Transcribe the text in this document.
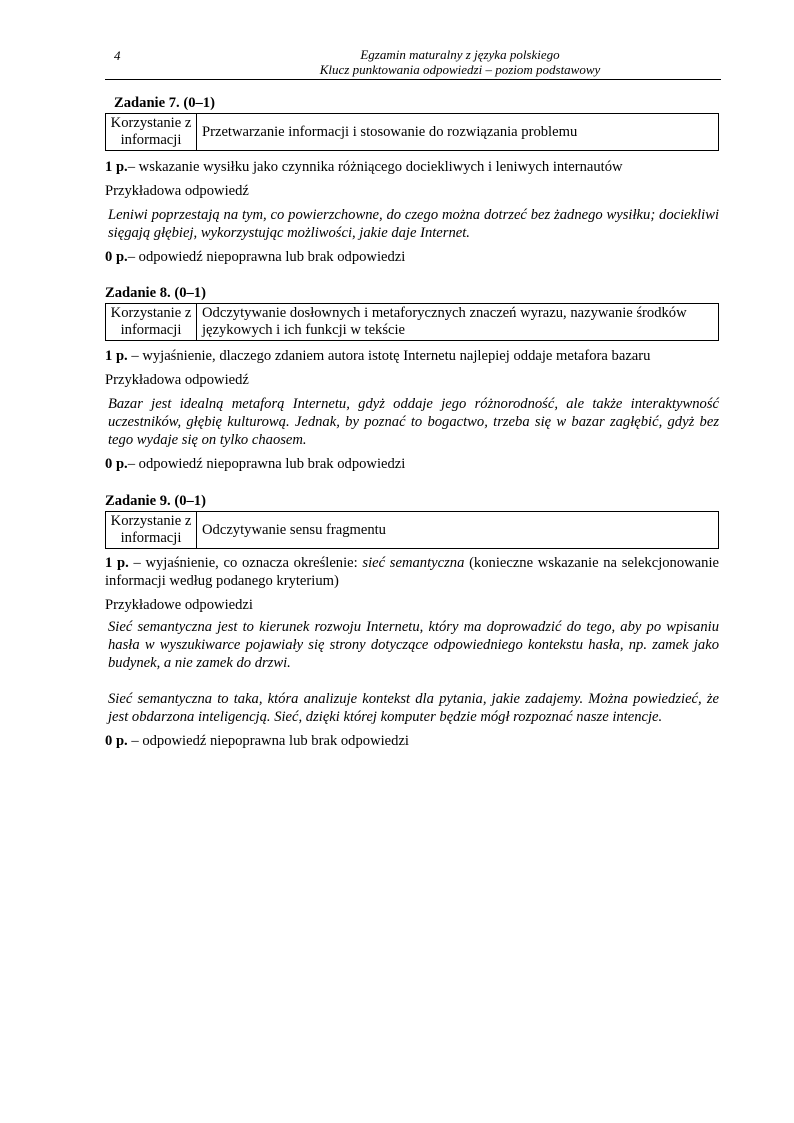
4	Egzamin maturalny z języka polskiego
Klucz punktowania odpowiedzi – poziom podstawowy

Zadanie 7. (0–1)

Korzystanie z informacji	Przetwarzanie informacji i stosowanie do rozwiązania problemu

1 p.– wskazanie wysiłku jako czynnika różniącego dociekliwych i leniwych internautów

Przykładowa odpowiedź

Leniwi poprzestają na tym, co powierzchowne, do czego można dotrzeć bez żadnego wysiłku; dociekliwi sięgają głębiej, wykorzystując możliwości, jakie daje Internet.

0 p.– odpowiedź niepoprawna lub brak odpowiedzi

Zadanie 8. (0–1)

Korzystanie z informacji	Odczytywanie dosłownych i metaforycznych znaczeń wyrazu, nazywanie środków językowych i ich funkcji w tekście

1 p. – wyjaśnienie, dlaczego zdaniem autora istotę Internetu najlepiej oddaje metafora bazaru

Przykładowa odpowiedź

Bazar jest idealną metaforą Internetu, gdyż oddaje jego różnorodność, ale także interaktywność uczestników, głębię kulturową. Jednak, by poznać to bogactwo, trzeba się w bazar zagłębić, gdyż bez tego wydaje się on tylko chaosem.

0 p.– odpowiedź niepoprawna lub brak odpowiedzi

Zadanie 9. (0–1)

Korzystanie z informacji	Odczytywanie sensu fragmentu

1 p. – wyjaśnienie, co oznacza określenie: sieć semantyczna (konieczne wskazanie na selekcjonowanie informacji według podanego kryterium)

Przykładowe odpowiedzi

Sieć semantyczna jest to kierunek rozwoju Internetu, który ma doprowadzić do tego, aby po wpisaniu hasła w wyszukiwarce pojawiały się strony dotyczące odpowiedniego kontekstu hasła, np. zamek jako budynek, a nie zamek do drzwi.

Sieć semantyczna to taka, która analizuje kontekst dla pytania, jakie zadajemy. Można powiedzieć, że jest obdarzona inteligencją. Sieć, dzięki której komputer będzie mógł rozpoznać nasze intencje.

0 p. – odpowiedź niepoprawna lub brak odpowiedzi
